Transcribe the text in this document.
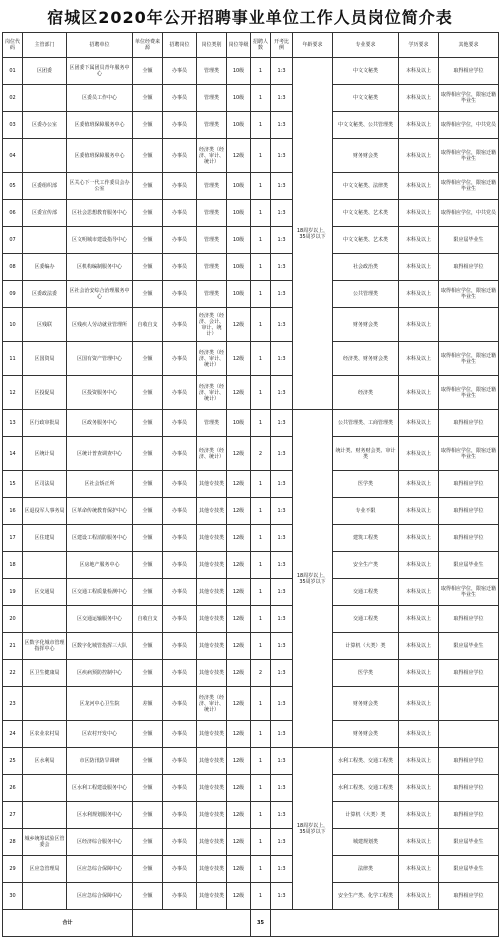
宿城区2020年公开招聘事业单位工作人员岗位简介表
岗位代码	主管部门	招聘单位	单位经费来源	招聘岗位	岗位类别	岗位等级	招聘人数	开考比例	年龄要求	专业要求	学历要求	其他要求
01	区团委	区团委下属团员青年服务中心	全额	办事员	管理类	10级	1	1:3	18周岁以上，35周岁以下	中文文秘类	本科及以上	取得相应学位
02		区委员工作中心	全额	办事员	管理类	10级	1	1:3		中文文秘类	本科及以上	取得相应学位，限宿迁籍毕业生
03	区委办公室	区委值班保障服务中心	全额	办事员	管理类	10级	1	1:3		中文文秘类、公共管理类	本科及以上	取得相应学位，中共党员
04		区委值班保障服务中心	全额	办事员	经济类（经济、审计、统计）	12级	1	1:3		财务财会类	本科及以上	取得相应学位，限宿迁籍毕业生
05	区委组织部	区关心下一代工作委员会办公室	全额	办事员	管理类	10级	1	1:3		中文文秘类、法律类	本科及以上	取得相应学位，限宿迁籍毕业生
06	区委宣传部	区社会思想教育服务中心	全额	办事员	管理类	10级	1	1:3		中文文秘类、艺术类	本科及以上	取得相应学位，中共党员
07		区文明城市建设指导中心	全额	办事员	管理类	10级	1	1:3		中文文秘类、艺术类	本科及以上	限应届毕业生
08	区委编办	区机构编制服务中心	全额	办事员	管理类	10级	1	1:3		社会政治类	本科及以上	取得相应学位
09	区委政法委	区社会治安综合治理服务中心	全额	办事员	管理类	10级	1	1:3		公共管理类	本科及以上	取得相应学位，限宿迁籍毕业生
10	区残联	区残疾人劳动就业管理所	自收自支	办事员	经济类（经济、会计、审计、统计）	12级	1	1:3		财务财会类	本科及以上	
11	区国资局	区国有资产管理中心	全额	办事员	经济类（经济、审计、统计）	12级	1	1:3		经济类、财务财会类	本科及以上	取得相应学位，限宿迁籍毕业生
12	区投促局	区投资服务中心	全额	办事员	经济类（经济、审计、统计）	12级	1	1:3		经济类	本科及以上	取得相应学位，限宿迁籍毕业生
13	区行政审批局	区政务服务中心	全额	办事员	管理类	10级	1	1:3	18周岁以上，35周岁以下	公共管理类、工商管理类	本科及以上	取得相应学位
14	区统计局	区统计普查调查中心	全额	办事员	经济类（经济、统计）	12级	2	1:3		统计类、财务财会类、审计类	本科及以上	取得相应学位，限宿迁籍毕业生
15	区司法局	区社会矫正所	全额	办事员	其他专技类	12级	1	1:3		医学类	本科及以上	取得相应学位
16	区退役军人事务局	区革命传统教育保护中心	全额	办事员	其他专技类	12级	1	1:3		专业不限	本科及以上	取得相应学位
17	区住建局	区建设工程消防服务中心	全额	办事员	其他专技类	12级	1	1:3		建筑工程类	本科及以上	取得相应学位
18		区房地产服务中心	全额	办事员	其他专技类	12级	1	1:3		安全生产类	本科及以上	限应届毕业生
19	区交通局	区交通工程质量检测中心	全额	办事员	其他专技类	12级	1	1:3		交通工程类	本科及以上	取得相应学位，限宿迁籍毕业生
20		区交通运输服务中心	自收自支	办事员	其他专技类	12级	1	1:3		交通工程类	本科及以上	取得相应学位
21	区数字化城市管理指挥中心	区数字化城管指挥三大队	全额	办事员	其他专技类	12级	1	1:3		计算机（大类）类	本科及以上	限应届毕业生
22	区卫生健康局	区疾病预防控制中心	全额	办事员	其他专技类	12级	2	1:3		医学类	本科及以上	取得相应学位
23		区龙河中心卫生院	差额	办事员	经济类（经济、审计、统计）	12级	1	1:3		财务财会类	本科及以上	
24	区农业农村局	区农村开发中心	全额	办事员	其他专技类	12级	1	1:3		财务财会类	本科及以上	
25	区水利局	市区防汛防旱调研	全额	办事员	其他专技类	12级	1	1:3	18周岁以上，35周岁以下	水利工程类、交通工程类	本科及以上	取得相应学位
26		区水利工程建设服务中心	全额	办事员	其他专技类	12级	1	1:3		水利工程类、交通工程类	本科及以上	取得相应学位
27		区水利规划服务中心	全额	办事员	其他专技类	12级	1	1:3		计算机（大类）类	本科及以上	取得相应学位
28	城乡统筹试验区管委会	区经济综合服务中心	全额	办事员	其他专技类	12级	1	1:3		城建规划类	本科及以上	限应届毕业生
29	区应急管理局	区应急综合保障中心	全额	办事员	其他专技类	12级	1	1:3		法律类	本科及以上	限应届毕业生
30		区应急综合保障中心	全额	办事员	其他专技类	12级	1	1:3		安全生产类、化学工程类	本科及以上	取得相应学位
合计							35					
